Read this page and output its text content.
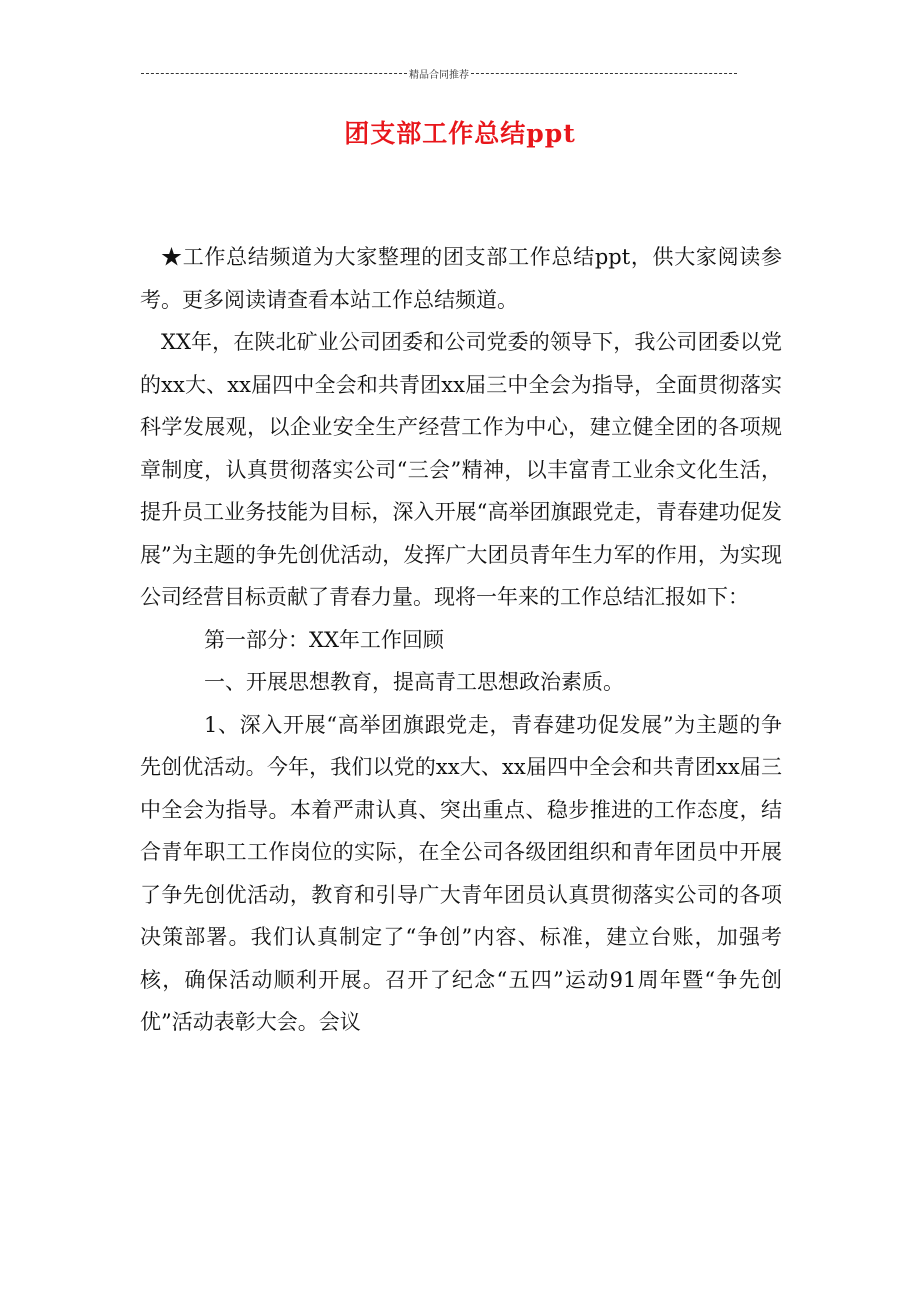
精品合同推荐
团支部工作总结ppt

★工作总结频道为大家整理的团支部工作总结ppt，供大家阅读参考。更多阅读请查看本站工作总结频道。

XX年，在陕北矿业公司团委和公司党委的领导下，我公司团委以党的xx大、xx届四中全会和共青团xx届三中全会为指导，全面贯彻落实科学发展观，以企业安全生产经营工作为中心，建立健全团的各项规章制度，认真贯彻落实公司“三会”精神，以丰富青工业余文化生活，提升员工业务技能为目标，深入开展“高举团旗跟党走，青春建功促发展”为主题的争先创优活动，发挥广大团员青年生力军的作用，为实现公司经营目标贡献了青春力量。现将一年来的工作总结汇报如下：

第一部分：XX年工作回顾

一、开展思想教育，提高青工思想政治素质。

1、深入开展“高举团旗跟党走，青春建功促发展”为主题的争先创优活动。今年，我们以党的xx大、xx届四中全会和共青团xx届三中全会为指导。本着严肃认真、突出重点、稳步推进的工作态度，结合青年职工工作岗位的实际，在全公司各级团组织和青年团员中开展了争先创优活动，教育和引导广大青年团员认真贯彻落实公司的各项决策部署。我们认真制定了“争创”内容、标准，建立台账，加强考核，确保活动顺利开展。召开了纪念“五四”运动91周年暨“争先创优”活动表彰大会。会议
